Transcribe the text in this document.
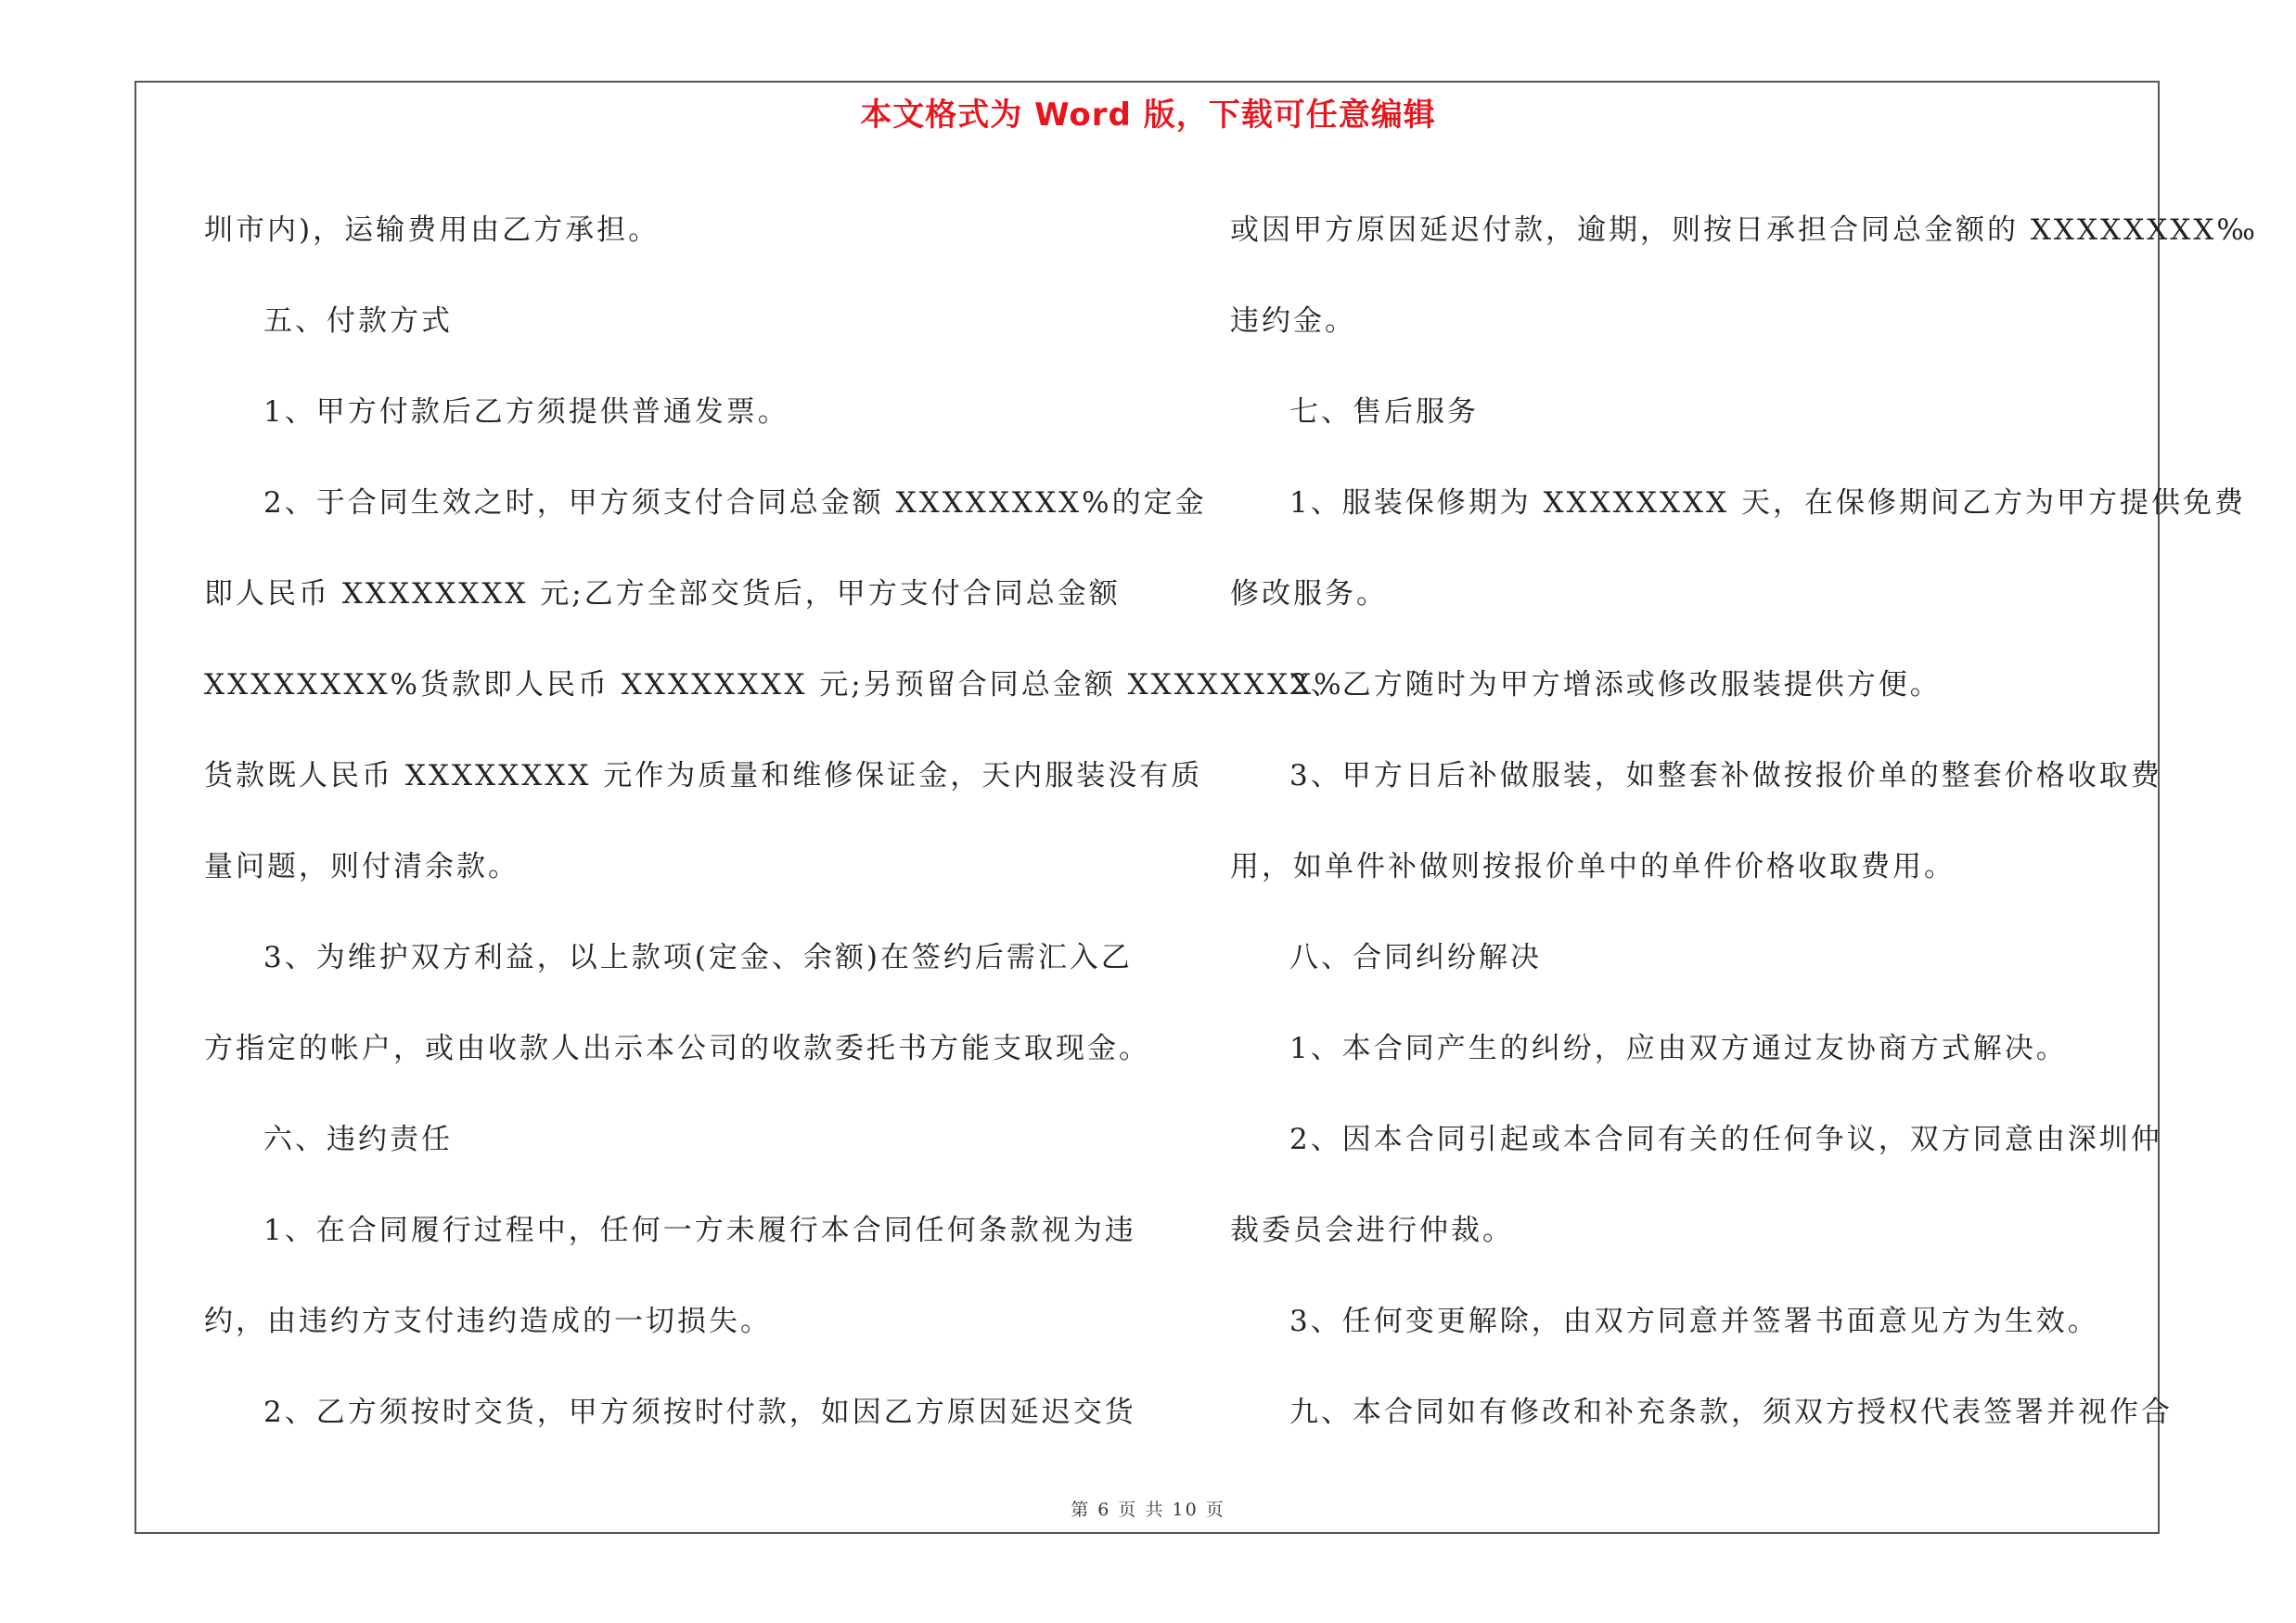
本文格式为 Word 版，下载可任意编辑

圳市内)，运输费用由乙方承担。

五、付款方式

1、甲方付款后乙方须提供普通发票。

2、于合同生效之时，甲方须支付合同总金额 XXXXXXXX%的定金

即人民币 XXXXXXXX 元;乙方全部交货后，甲方支付合同总金额

XXXXXXXX%货款即人民币 XXXXXXXX 元;另预留合同总金额 XXXXXXXX%

货款既人民币 XXXXXXXX 元作为质量和维修保证金，天内服装没有质

量问题，则付清余款。

3、为维护双方利益，以上款项(定金、余额)在签约后需汇入乙

方指定的帐户，或由收款人出示本公司的收款委托书方能支取现金。

六、违约责任

1、在合同履行过程中，任何一方未履行本合同任何条款视为违

约，由违约方支付违约造成的一切损失。

2、乙方须按时交货，甲方须按时付款，如因乙方原因延迟交货

或因甲方原因延迟付款，逾期，则按日承担合同总金额的 XXXXXXXX‰

违约金。

七、售后服务

1、服装保修期为 XXXXXXXX 天，在保修期间乙方为甲方提供免费

修改服务。

2、乙方随时为甲方增添或修改服装提供方便。

3、甲方日后补做服装，如整套补做按报价单的整套价格收取费

用，如单件补做则按报价单中的单件价格收取费用。

八、合同纠纷解决

1、本合同产生的纠纷，应由双方通过友协商方式解决。

2、因本合同引起或本合同有关的任何争议，双方同意由深圳仲

裁委员会进行仲裁。

3、任何变更解除，由双方同意并签署书面意见方为生效。

九、本合同如有修改和补充条款，须双方授权代表签署并视作合

第 6 页 共 10 页
